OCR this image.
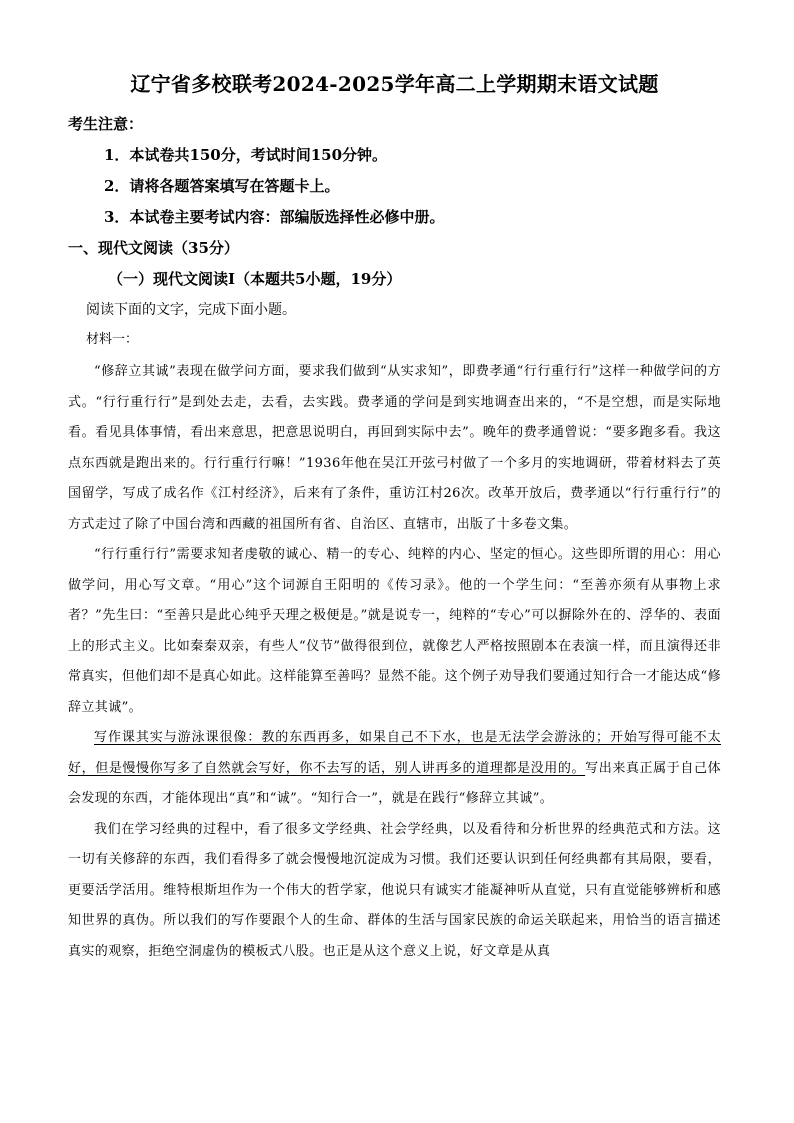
辽宁省多校联考2024-2025学年高二上学期期末语文试题

考生注意：

1．本试卷共150分，考试时间150分钟。

2．请将各题答案填写在答题卡上。

3．本试卷主要考试内容：部编版选择性必修中册。

一、现代文阅读（35分）

（一）现代文阅读Ⅰ（本题共5小题，19分）

阅读下面的文字，完成下面小题。

材料一：

“修辞立其诚”表现在做学问方面，要求我们做到“从实求知”，即费孝通“行行重行行”这样一种做学问的方式。“行行重行行”是到处去走，去看，去实践。费孝通的学问是到实地调查出来的，“不是空想，而是实际地看。看见具体事情，看出来意思，把意思说明白，再回到实际中去”。晚年的费孝通曾说：“要多跑多看。我这点东西就是跑出来的。行行重行行嘛！”1936年他在吴江开弦弓村做了一个多月的实地调研，带着材料去了英国留学，写成了成名作《江村经济》，后来有了条件，重访江村26次。改革开放后，费孝通以“行行重行行”的方式走过了除了中国台湾和西藏的祖国所有省、自治区、直辖市，出版了十多卷文集。

“行行重行行”需要求知者虔敬的诚心、精一的专心、纯粹的内心、坚定的恒心。这些即所谓的用心：用心做学问，用心写文章。“用心”这个词源自王阳明的《传习录》。他的一个学生问：“至善亦须有从事物上求者？”先生曰：“至善只是此心纯乎天理之极便是。”就是说专一，纯粹的“专心”可以摒除外在的、浮华的、表面上的形式主义。比如秦秦双亲，有些人“仪节”做得很到位，就像艺人严格按照剧本在表演一样，而且演得还非常真实，但他们却不是真心如此。这样能算至善吗？显然不能。这个例子劝导我们要通过知行合一才能达成“修辞立其诚”。

写作课其实与游泳课很像：教的东西再多，如果自己不下水，也是无法学会游泳的；开始写得可能不太好，但是慢慢你写多了自然就会写好，你不去写的话，别人讲再多的道理都是没用的。写出来真正属于自己体会发现的东西，才能体现出“真”和“诚”。“知行合一”，就是在践行“修辞立其诚”。

我们在学习经典的过程中，看了很多文学经典、社会学经典，以及看待和分析世界的经典范式和方法。这一切有关修辞的东西，我们看得多了就会慢慢地沉淀成为习惯。我们还要认识到任何经典都有其局限，要看，更要活学活用。维特根斯坦作为一个伟大的哲学家，他说只有诚实才能凝神听从直觉，只有直觉能够辨析和感知世界的真伪。所以我们的写作要跟个人的生命、群体的生活与国家民族的命运关联起来，用恰当的语言描述真实的观察，拒绝空洞虚伪的模板式八股。也正是从这个意义上说，好文章是从真
